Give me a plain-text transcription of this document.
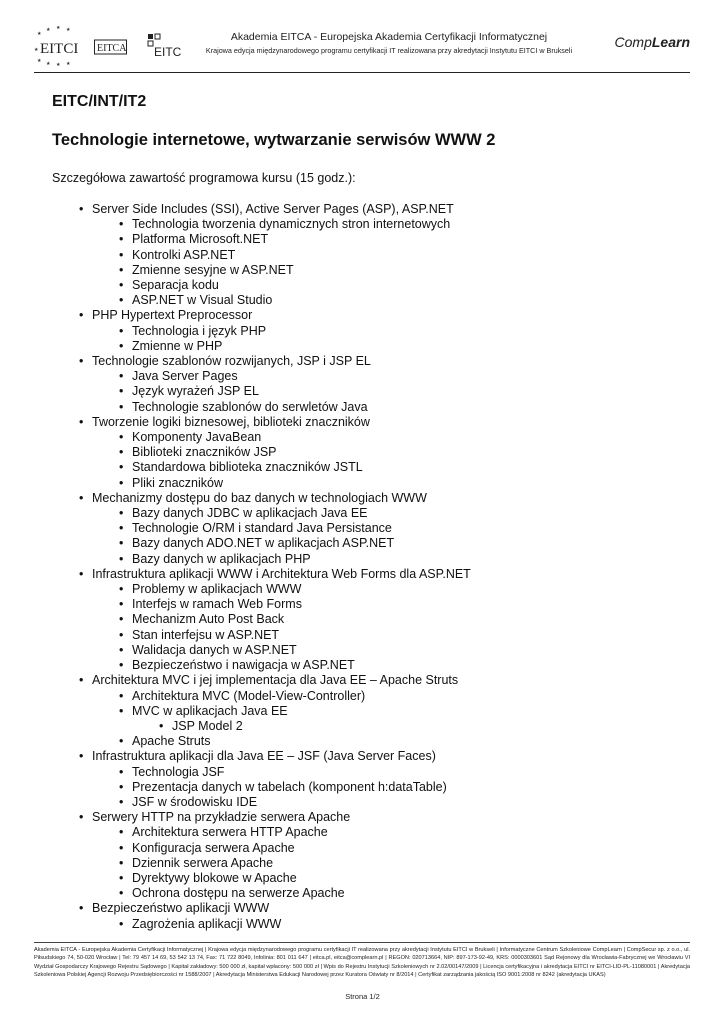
★
★ ★ ★
★ ★ ★ ★
★ EITCI EITCA EITC
Akademia EITCA - Europejska Akademia Certyfikacji Informatycznej
Krajowa edycja międzynarodowego programu certyfikacji IT realizowana przy akredytacji Instytutu EITCI w Brukseli
CompLearn
EITC/INT/IT2
Technologie internetowe, wytwarzanie serwisów WWW 2
Szczegółowa zawartość programowa kursu (15 godz.):
• Server Side Includes (SSI), Active Server Pages (ASP), ASP.NET
• Technologia tworzenia dynamicznych stron internetowych
• Platforma Microsoft.NET
• Kontrolki ASP.NET
• Zmienne sesyjne w ASP.NET
• Separacja kodu
• ASP.NET w Visual Studio
• PHP Hypertext Preprocessor
• Technologia i język PHP
• Zmienne w PHP
• Technologie szablonów rozwijanych, JSP i JSP EL
• Java Server Pages
• Język wyrażeń JSP EL
• Technologie szablonów do serwletów Java
• Tworzenie logiki biznesowej, biblioteki znaczników
• Komponenty JavaBean
• Biblioteki znaczników JSP
• Standardowa biblioteka znaczników JSTL
• Pliki znaczników
• Mechanizmy dostępu do baz danych w technologiach WWW
• Bazy danych JDBC w aplikacjach Java EE
• Technologie O/RM i standard Java Persistance
• Bazy danych ADO.NET w aplikacjach ASP.NET
• Bazy danych w aplikacjach PHP
• Infrastruktura aplikacji WWW i Architektura Web Forms dla ASP.NET
• Problemy w aplikacjach WWW
• Interfejs w ramach Web Forms
• Mechanizm Auto Post Back
• Stan interfejsu w ASP.NET
• Walidacja danych w ASP.NET
• Bezpieczeństwo i nawigacja w ASP.NET
• Architektura MVC i jej implementacja dla Java EE – Apache Struts
• Architektura MVC (Model-View-Controller)
• MVC w aplikacjach Java EE
• JSP Model 2
• Apache Struts
• Infrastruktura aplikacji dla Java EE – JSF (Java Server Faces)
• Technologia JSF
• Prezentacja danych w tabelach (komponent h:dataTable)
• JSF w środowisku IDE
• Serwery HTTP na przykładzie serwera Apache
• Architektura serwera HTTP Apache
• Konfiguracja serwera Apache
• Dziennik serwera Apache
• Dyrektywy blokowe w Apache
• Ochrona dostępu na serwerze Apache
• Bezpieczeństwo aplikacji WWW
• Zagrożenia aplikacji WWW
Akademia EITCA - Europejska Akademia Certyfikacji Informatycznej | Krajowa edycja międzynarodowego programu certyfikacji IT realizowana przy akredytacji Instytutu EITCI w Brukseli | Informatyczne Centrum Szkoleniowe CompLearn | CompSecur sp. z o.o., ul. Piłsudskiego 74, 50-020 Wrocław | Tel: 79 457 14 69, 53 542 13 74, Fax: 71 722 8049, Infolinia: 801 011 647 | eitca.pl, eitca@complearn.pl | REGON: 020713664, NIP: 897-173-92-49, KRS: 0000303601 Sąd Rejonowy dla Wrocławia-Fabrycznej we Wrocławiu VI Wydział Gospodarczy Krajowego Rejestru Sądowego | Kapitał zakładowy: 500 000 zł, kapitał wpłacony: 500 000 zł | Wpis do Rejestru Instytucji Szkoleniowych nr 2.02/00147/2009 | Licencja certyfikacyjna i akredytacja EITCI nr EITCI-LID-PL-11080001 | Akredytacja Szkoleniowa Polskiej Agencji Rozwoju Przedsiębiorczości nr 1588/2007 | Akredytacja Ministerstwa Edukacji Narodowej przez Kuratora Oświaty nr 8/2014 | Certyfikat zarządzania jakością ISO 9001:2008 nr 8242 (akredytacja UKAS)
Strona 1/2
